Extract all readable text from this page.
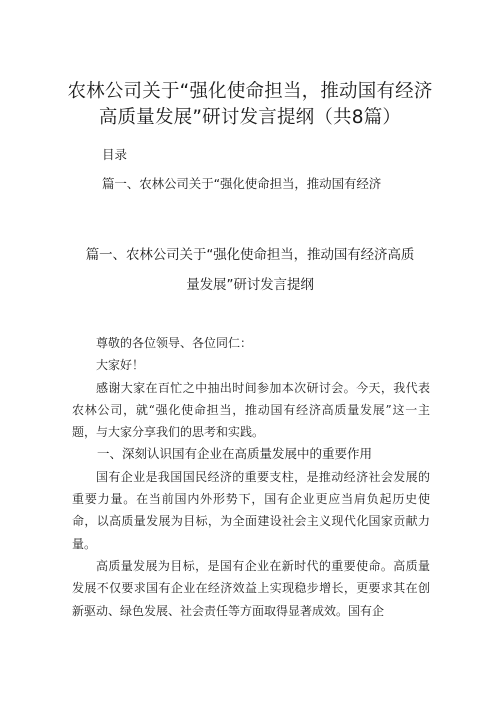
农林公司关于“强化使命担当，推动国有经济
高质量发展”研讨发言提纲（共8篇）
目录
篇一、农林公司关于“强化使命担当，推动国有经济
篇一、农林公司关于“强化使命担当，推动国有经济高质
量发展”研讨发言提纲

尊敬的各位领导、各位同仁：

大家好！

感谢大家在百忙之中抽出时间参加本次研讨会。今天，我代表农林公司，就“强化使命担当，推动国有经济高质量发展”这一主题，与大家分享我们的思考和实践。

一、深刻认识国有企业在高质量发展中的重要作用

国有企业是我国国民经济的重要支柱，是推动经济社会发展的重要力量。在当前国内外形势下，国有企业更应当肩负起历史使命，以高质量发展为目标，为全面建设社会主义现代化国家贡献力量。

高质量发展为目标，是国有企业在新时代的重要使命。高质量发展不仅要求国有企业在经济效益上实现稳步增长，更要求其在创新驱动、绿色发展、社会责任等方面取得显著成效。国有企
